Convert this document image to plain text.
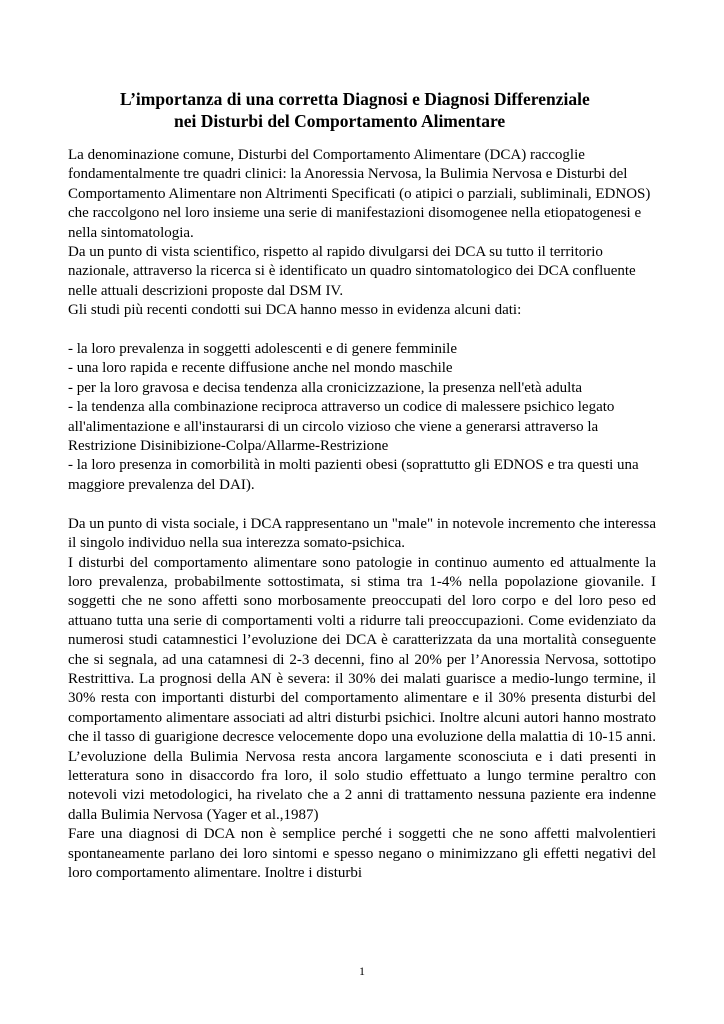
L’importanza di una corretta Diagnosi e Diagnosi Differenziale
nei Disturbi del Comportamento Alimentare

La denominazione comune, Disturbi del Comportamento Alimentare (DCA) raccoglie fondamentalmente tre quadri clinici: la Anoressia Nervosa, la Bulimia Nervosa e Disturbi del Comportamento Alimentare non Altrimenti Specificati (o atipici o parziali, subliminali, EDNOS) che raccolgono nel loro insieme una serie di manifestazioni disomogenee nella etiopatogenesi e nella sintomatologia.

Da un punto di vista scientifico, rispetto al rapido divulgarsi dei DCA su tutto il territorio nazionale, attraverso la ricerca si è identificato un quadro sintomatologico dei DCA confluente nelle attuali descrizioni proposte dal DSM IV.

Gli studi più recenti condotti sui DCA hanno messo in evidenza alcuni dati:

- la loro prevalenza in soggetti adolescenti e di genere femminile

- una loro rapida e recente diffusione anche nel mondo maschile

- per la loro gravosa e decisa tendenza alla cronicizzazione, la presenza nell'età adulta

- la tendenza alla combinazione reciproca attraverso un codice di malessere psichico legato all'alimentazione e all'instaurarsi di un circolo vizioso che viene a generarsi attraverso la Restrizione Disinibizione-Colpa/Allarme-Restrizione

- la loro presenza in comorbilità in molti pazienti obesi (soprattutto gli EDNOS e tra questi una maggiore prevalenza del DAI).

Da un punto di vista sociale, i DCA rappresentano un "male" in notevole incremento che interessa il singolo individuo nella sua interezza somato-psichica.

I disturbi del comportamento alimentare sono patologie in continuo aumento ed attualmente la loro prevalenza, probabilmente sottostimata, si stima tra 1-4% nella popolazione giovanile. I soggetti che ne sono affetti sono morbosamente preoccupati del loro corpo e del loro peso ed attuano tutta una serie di comportamenti volti a ridurre tali preoccupazioni. Come evidenziato da numerosi studi catamnestici l’evoluzione dei DCA è caratterizzata da una mortalità conseguente che si segnala, ad una catamnesi di 2-3 decenni, fino al 20% per l’Anoressia Nervosa, sottotipo Restrittiva. La prognosi della AN è severa: il 30% dei malati guarisce a medio-lungo termine, il 30% resta con importanti disturbi del comportamento alimentare e il 30% presenta disturbi del comportamento alimentare associati ad altri disturbi psichici. Inoltre alcuni autori hanno mostrato che il tasso di guarigione decresce velocemente dopo una evoluzione della malattia di 10-15 anni. L’evoluzione della Bulimia Nervosa resta ancora largamente sconosciuta e i dati presenti in letteratura sono in disaccordo fra loro, il solo studio effettuato a lungo termine peraltro con notevoli vizi metodologici, ha rivelato che a 2 anni di trattamento nessuna paziente era indenne dalla Bulimia Nervosa (Yager et al.,1987)

Fare una diagnosi di DCA non è semplice perché i soggetti che ne sono affetti malvolentieri spontaneamente parlano dei loro sintomi e spesso negano o minimizzano gli effetti negativi del loro comportamento alimentare. Inoltre i disturbi

1
